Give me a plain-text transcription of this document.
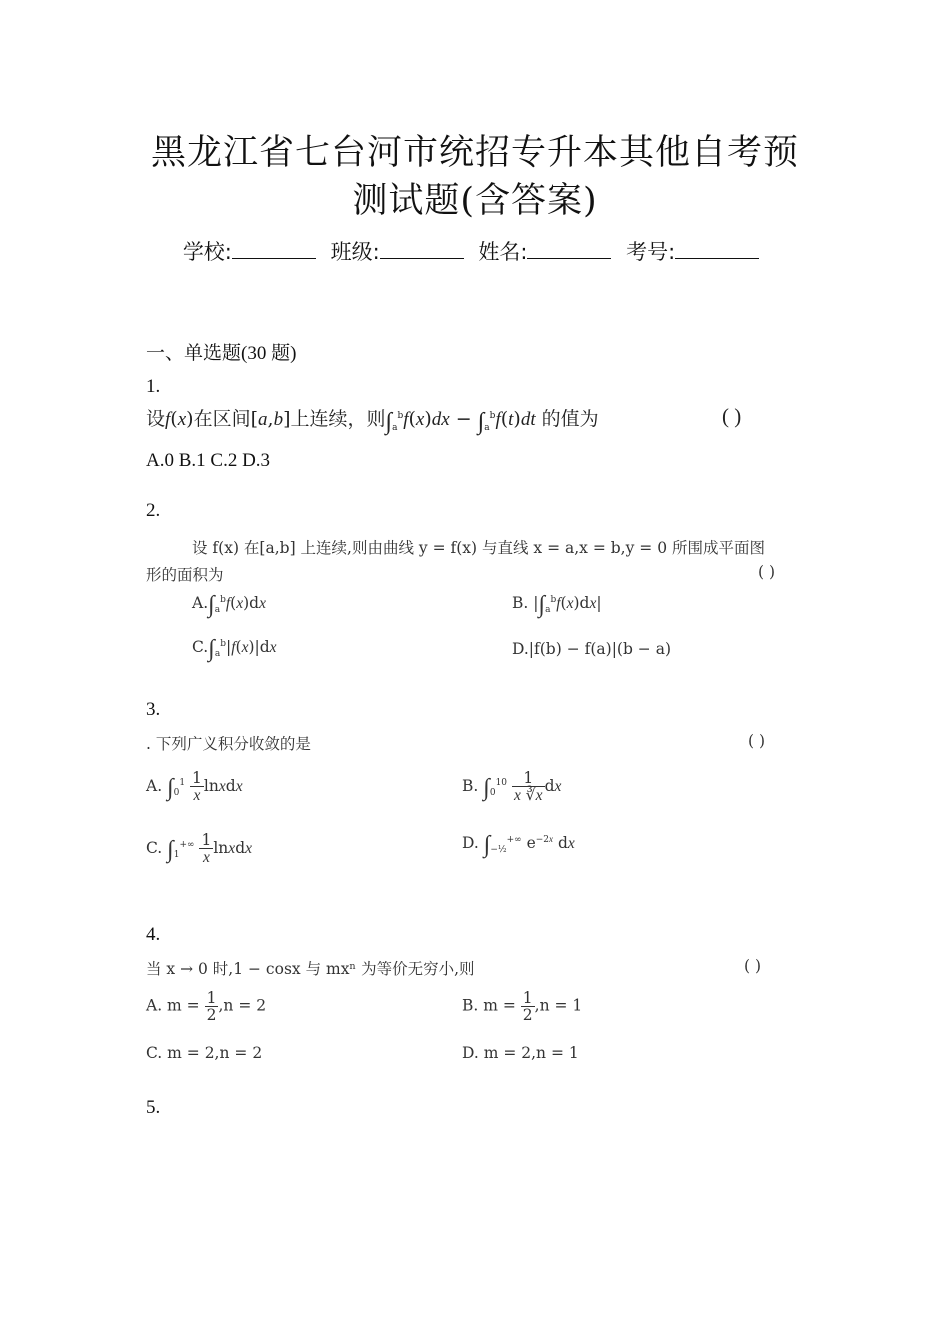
黑龙江省七台河市统招专升本其他自考预
测试题(含答案)
学校:	班级:	姓名:	考号:
一、单选题(30 题)
1.
设f(x)在区间[a,b]上连续，则$\int_a^bf(x)dx - \int_a^bf(t)dt$ 的值为	( )
A.0 B.1 C.2 D.3
2.
设 f(x) 在[a,b] 上连续,则由曲线 y = f(x) 与直线 x = a,x = b,y = 0 所围成平面图
形的面积为	( )
$A.\int_a^bf(x)dx$	B. $|\int_a^bf(x)dx|$
$C.\int_a^b|f(x)|dx$	D.|f(b) − f(a)|(b − a)
3.
. 下列广义积分收敛的是	( )
A. $\int_0^1 \frac{1}{x}$ lnxdx	B. $\int_0^{10} \frac{1}{x ∛x}$ dx
C. $\int_1^{+\infty} \frac{1}{x}$ lnxdx	D. $\int_{-\frac{1}{2}}^{+\infty}$ $e^{-2x}$ dx
4.
当 x → 0 时,1 − cosx 与 mxⁿ 为等价无穷小,则	( )
A. $m = \frac{1}{2} ,n = 2$	B. $m = \frac{1}{2} ,n = 1$
C. m = 2,n = 2	D. m = 2,n = 1
5.
